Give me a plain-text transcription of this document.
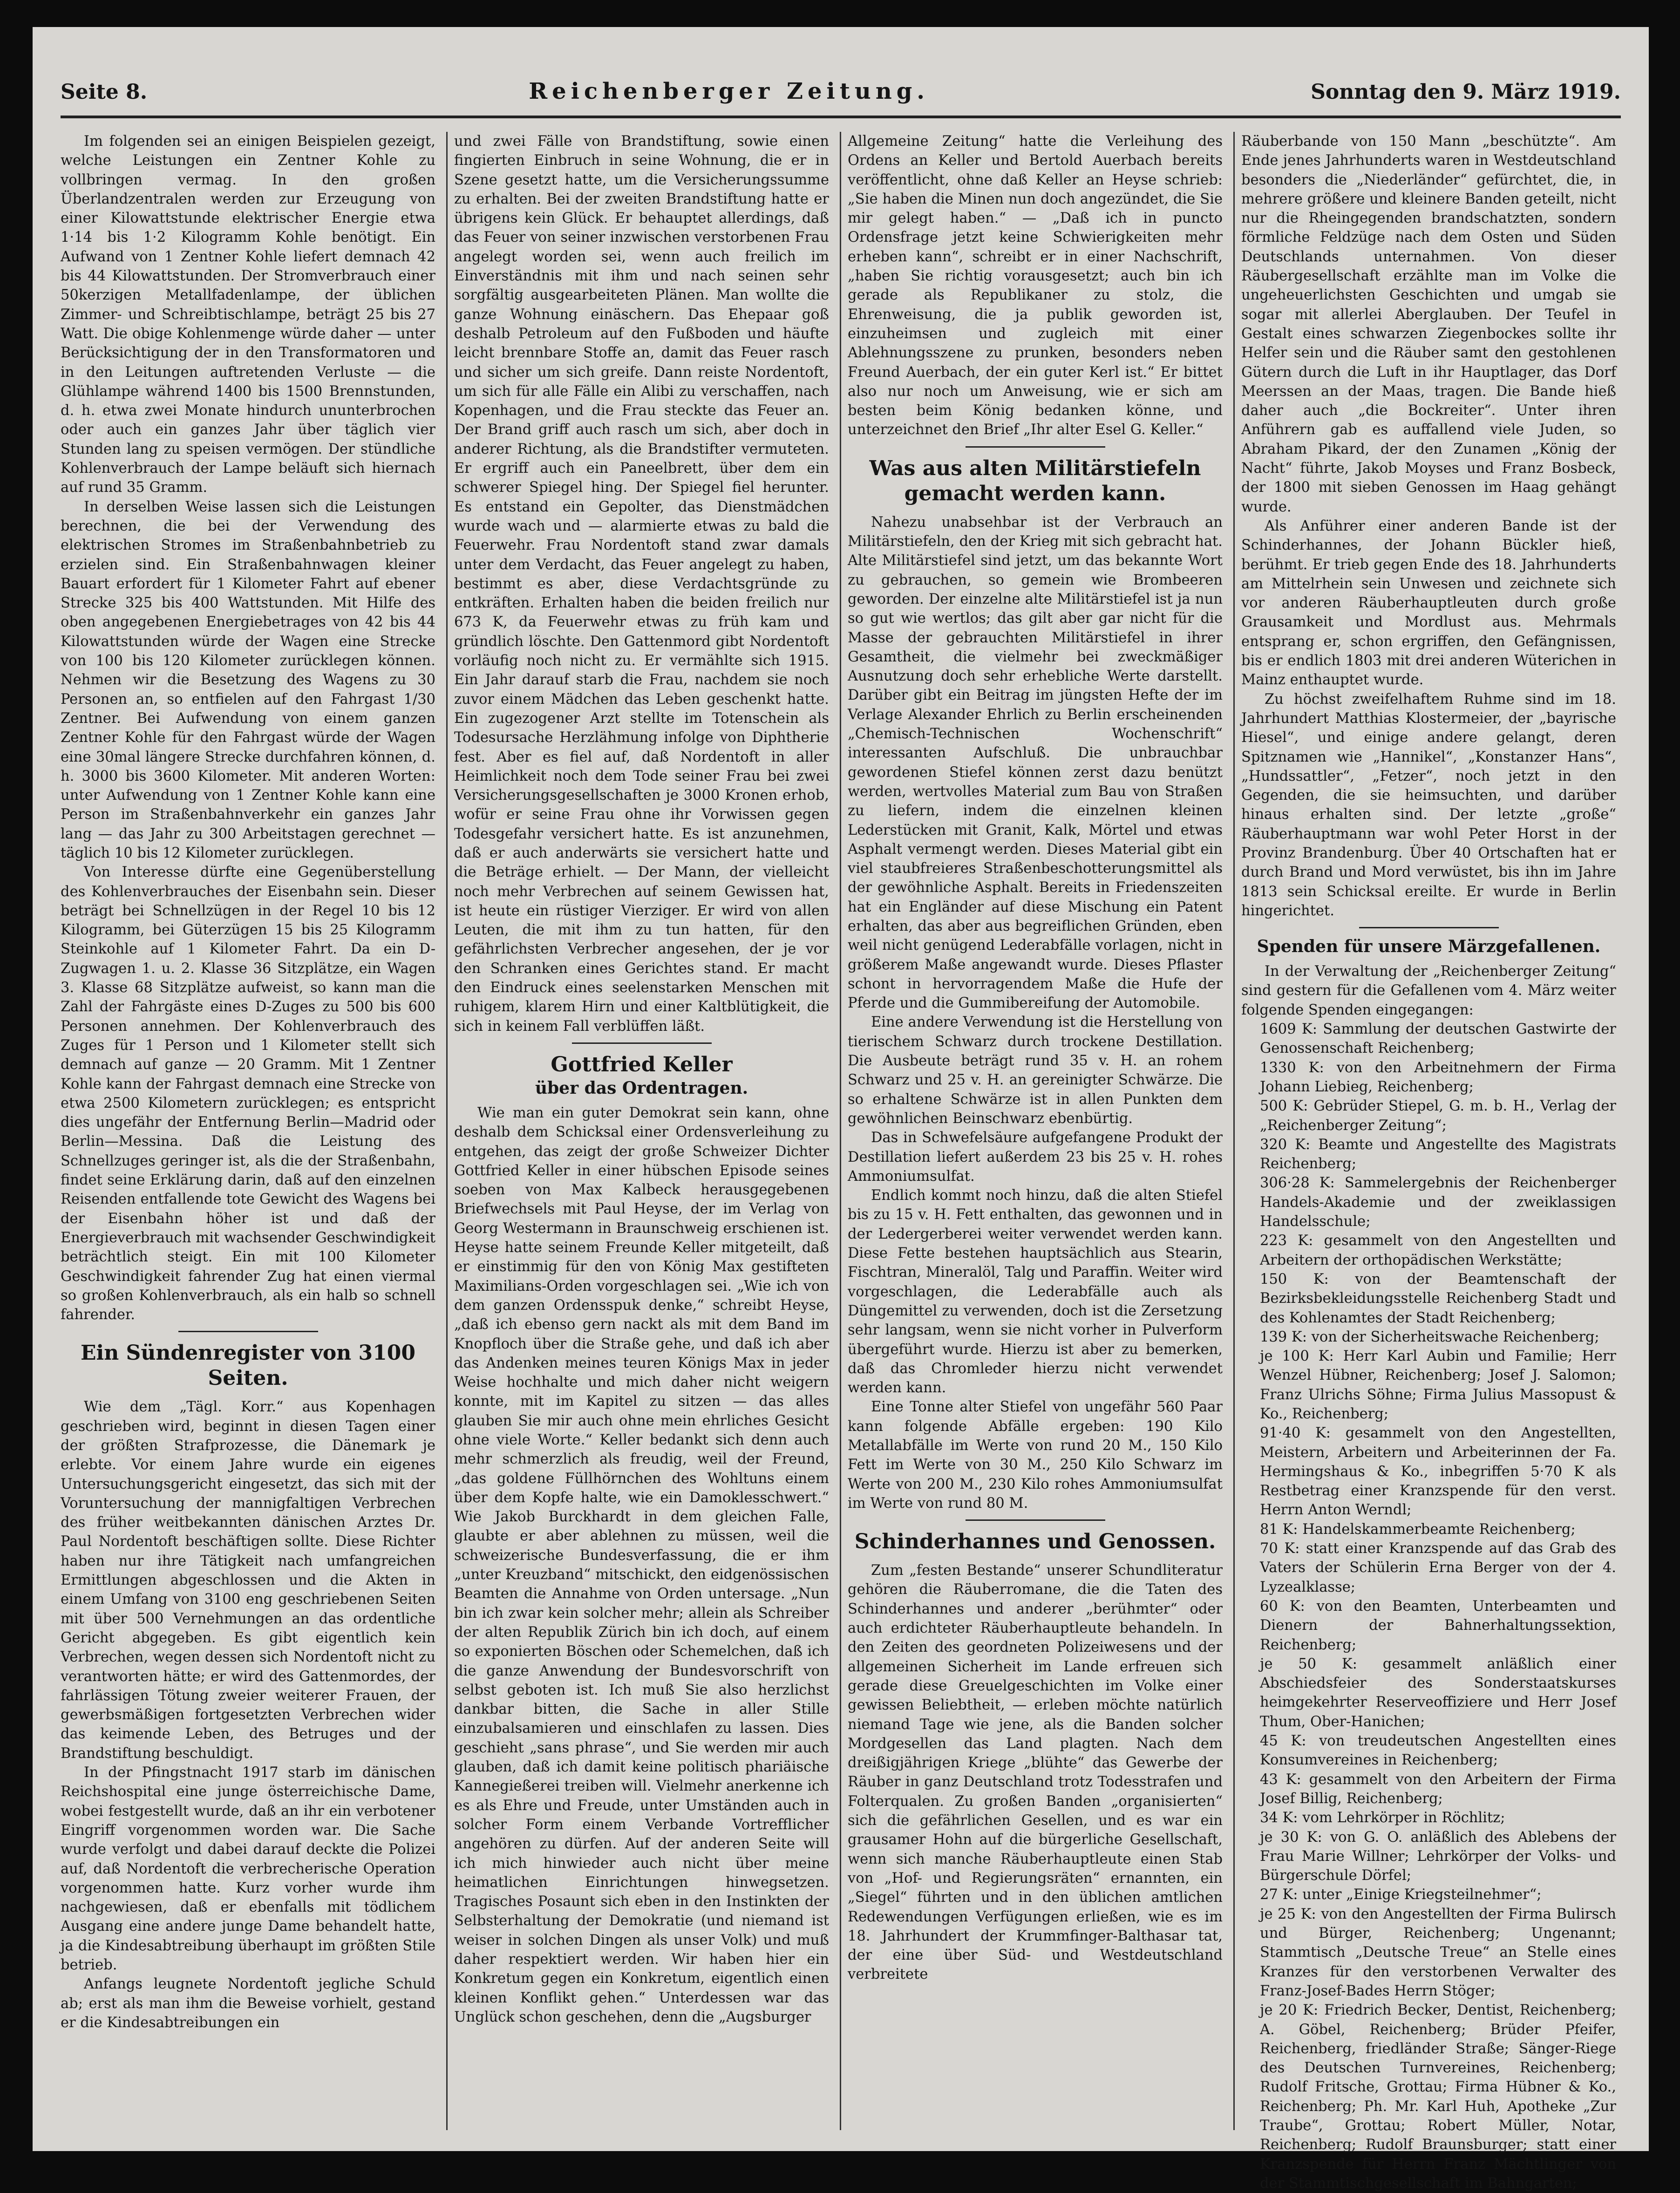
Seite 8.	Reichenberger Zeitung.	Sonntag den 9. März 1919.

Im folgenden sei an einigen Beispielen gezeigt, welche Leistungen ein Zentner Kohle zu vollbringen vermag. In den großen Überlandzentralen werden zur Erzeugung von einer Kilowattstunde elektrischer Energie etwa 1·14 bis 1·2 Kilogramm Kohle benötigt. Ein Aufwand von 1 Zentner Kohle liefert demnach 42 bis 44 Kilowattstunden. Der Stromverbrauch einer 50kerzigen Metallfadenlampe, der üblichen Zimmer- und Schreibtischlampe, beträgt 25 bis 27 Watt. Die obige Kohlenmenge würde daher — unter Berücksichtigung der in den Transformatoren und in den Leitungen auftretenden Verluste — die Glühlampe während 1400 bis 1500 Brennstunden, d. h. etwa zwei Monate hindurch ununterbrochen oder auch ein ganzes Jahr über täglich vier Stunden lang zu speisen vermögen. Der stündliche Kohlenverbrauch der Lampe beläuft sich hiernach auf rund 35 Gramm.

In derselben Weise lassen sich die Leistungen berechnen, die bei der Verwendung des elektrischen Stromes im Straßenbahnbetrieb zu erzielen sind. Ein Straßenbahnwagen kleiner Bauart erfordert für 1 Kilometer Fahrt auf ebener Strecke 325 bis 400 Wattstunden. Mit Hilfe des oben angegebenen Energiebetrages von 42 bis 44 Kilowattstunden würde der Wagen eine Strecke von 100 bis 120 Kilometer zurücklegen können. Nehmen wir die Besetzung des Wagens zu 30 Personen an, so entfielen auf den Fahrgast 1/30 Zentner. Bei Aufwendung von einem ganzen Zentner Kohle für den Fahrgast würde der Wagen eine 30mal längere Strecke durchfahren können, d. h. 3000 bis 3600 Kilometer. Mit anderen Worten: unter Aufwendung von 1 Zentner Kohle kann eine Person im Straßenbahnverkehr ein ganzes Jahr lang — das Jahr zu 300 Arbeitstagen gerechnet — täglich 10 bis 12 Kilometer zurücklegen.

Von Interesse dürfte eine Gegenüberstellung des Kohlenverbrauches der Eisenbahn sein. Dieser beträgt bei Schnellzügen in der Regel 10 bis 12 Kilogramm, bei Güterzügen 15 bis 25 Kilogramm Steinkohle auf 1 Kilometer Fahrt. Da ein D-Zugwagen 1. u. 2. Klasse 36 Sitzplätze, ein Wagen 3. Klasse 68 Sitzplätze aufweist, so kann man die Zahl der Fahrgäste eines D-Zuges zu 500 bis 600 Personen annehmen. Der Kohlenverbrauch des Zuges für 1 Person und 1 Kilometer stellt sich demnach auf ganze — 20 Gramm. Mit 1 Zentner Kohle kann der Fahrgast demnach eine Strecke von etwa 2500 Kilometern zurücklegen; es entspricht dies ungefähr der Entfernung Berlin—Madrid oder Berlin—Messina. Daß die Leistung des Schnellzuges geringer ist, als die der Straßenbahn, findet seine Erklärung darin, daß auf den einzelnen Reisenden entfallende tote Gewicht des Wagens bei der Eisenbahn höher ist und daß der Energieverbrauch mit wachsender Geschwindigkeit beträchtlich steigt. Ein mit 100 Kilometer Geschwindigkeit fahrender Zug hat einen viermal so großen Kohlenverbrauch, als ein halb so schnell fahrender.

Ein Sündenregister von 3100 Seiten.

Wie dem „Tägl. Korr.“ aus Kopenhagen geschrieben wird, beginnt in diesen Tagen einer der größten Strafprozesse, die Dänemark je erlebte. Vor einem Jahre wurde ein eigenes Untersuchungsgericht eingesetzt, das sich mit der Voruntersuchung der mannigfaltigen Verbrechen des früher weitbekannten dänischen Arztes Dr. Paul Nordentoft beschäftigen sollte. Diese Richter haben nur ihre Tätigkeit nach umfangreichen Ermittlungen abgeschlossen und die Akten in einem Umfang von 3100 eng geschriebenen Seiten mit über 500 Vernehmungen an das ordentliche Gericht abgegeben. Es gibt eigentlich kein Verbrechen, wegen dessen sich Nordentoft nicht zu verantworten hätte; er wird des Gattenmordes, der fahrlässigen Tötung zweier weiterer Frauen, der gewerbsmäßigen fortgesetzten Verbrechen wider das keimende Leben, des Betruges und der Brandstiftung beschuldigt.

In der Pfingstnacht 1917 starb im dänischen Reichshospital eine junge österreichische Dame, wobei festgestellt wurde, daß an ihr ein verbotener Eingriff vorgenommen worden war. Die Sache wurde verfolgt und dabei darauf deckte die Polizei auf, daß Nordentoft die verbrecherische Operation vorgenommen hatte. Kurz vorher wurde ihm nachgewiesen, daß er ebenfalls mit tödlichem Ausgang eine andere junge Dame behandelt hatte, ja die Kindesabtreibung überhaupt im größten Stile betrieb.

Anfangs leugnete Nordentoft jegliche Schuld ab; erst als man ihm die Beweise vorhielt, gestand er die Kindesabtreibungen ein

und zwei Fälle von Brandstiftung, sowie einen fingierten Einbruch in seine Wohnung, die er in Szene gesetzt hatte, um die Versicherungssumme zu erhalten. Bei der zweiten Brandstiftung hatte er übrigens kein Glück. Er behauptet allerdings, daß das Feuer von seiner inzwischen verstorbenen Frau angelegt worden sei, wenn auch freilich im Einverständnis mit ihm und nach seinen sehr sorgfältig ausgearbeiteten Plänen. Man wollte die ganze Wohnung einäschern. Das Ehepaar goß deshalb Petroleum auf den Fußboden und häufte leicht brennbare Stoffe an, damit das Feuer rasch und sicher um sich greife. Dann reiste Nordentoft, um sich für alle Fälle ein Alibi zu verschaffen, nach Kopenhagen, und die Frau steckte das Feuer an. Der Brand griff auch rasch um sich, aber doch in anderer Richtung, als die Brandstifter vermuteten. Er ergriff auch ein Paneelbrett, über dem ein schwerer Spiegel hing. Der Spiegel fiel herunter. Es entstand ein Gepolter, das Dienstmädchen wurde wach und — alarmierte etwas zu bald die Feuerwehr. Frau Nordentoft stand zwar damals unter dem Verdacht, das Feuer angelegt zu haben, bestimmt es aber, diese Verdachtsgründe zu entkräften. Erhalten haben die beiden freilich nur 673 K, da Feuerwehr etwas zu früh kam und gründlich löschte. Den Gattenmord gibt Nordentoft vorläufig noch nicht zu. Er vermählte sich 1915. Ein Jahr darauf starb die Frau, nachdem sie noch zuvor einem Mädchen das Leben geschenkt hatte. Ein zugezogener Arzt stellte im Totenschein als Todesursache Herzlähmung infolge von Diphtherie fest. Aber es fiel auf, daß Nordentoft in aller Heimlichkeit noch dem Tode seiner Frau bei zwei Versicherungsgesellschaften je 3000 Kronen erhob, wofür er seine Frau ohne ihr Vorwissen gegen Todesgefahr versichert hatte. Es ist anzunehmen, daß er auch anderwärts sie versichert hatte und die Beträge erhielt. — Der Mann, der vielleicht noch mehr Verbrechen auf seinem Gewissen hat, ist heute ein rüstiger Vierziger. Er wird von allen Leuten, die mit ihm zu tun hatten, für den gefährlichsten Verbrecher angesehen, der je vor den Schranken eines Gerichtes stand. Er macht den Eindruck eines seelenstarken Menschen mit ruhigem, klarem Hirn und einer Kaltblütigkeit, die sich in keinem Fall verblüffen läßt.

Gottfried Keller
über das Ordentragen.

Wie man ein guter Demokrat sein kann, ohne deshalb dem Schicksal einer Ordensverleihung zu entgehen, das zeigt der große Schweizer Dichter Gottfried Keller in einer hübschen Episode seines soeben von Max Kalbeck herausgegebenen Briefwechsels mit Paul Heyse, der im Verlag von Georg Westermann in Braunschweig erschienen ist. Heyse hatte seinem Freunde Keller mitgeteilt, daß er einstimmig für den von König Max gestifteten Maximilians-Orden vorgeschlagen sei. „Wie ich von dem ganzen Ordensspuk denke,“ schreibt Heyse, „daß ich ebenso gern nackt als mit dem Band im Knopfloch über die Straße gehe, und daß ich aber das Andenken meines teuren Königs Max in jeder Weise hochhalte und mich daher nicht weigern konnte, mit im Kapitel zu sitzen — das alles glauben Sie mir auch ohne mein ehrliches Gesicht ohne viele Worte.“ Keller bedankt sich denn auch mehr schmerzlich als freudig, weil der Freund, „das goldene Füllhörnchen des Wohltuns einem über dem Kopfe halte, wie ein Damoklesschwert.“ Wie Jakob Burckhardt in dem gleichen Falle, glaubte er aber ablehnen zu müssen, weil die schweizerische Bundesverfassung, die er ihm „unter Kreuzband“ mitschickt, den eidgenössischen Beamten die Annahme von Orden untersage. „Nun bin ich zwar kein solcher mehr; allein als Schreiber der alten Republik Zürich bin ich doch, auf einem so exponierten Böschen oder Schemelchen, daß ich die ganze Anwendung der Bundesvorschrift von selbst geboten ist. Ich muß Sie also herzlichst dankbar bitten, die Sache in aller Stille einzubalsamieren und einschlafen zu lassen. Dies geschieht „sans phrase“, und Sie werden mir auch glauben, daß ich damit keine politisch phariäische Kannegießerei treiben will. Vielmehr anerkenne ich es als Ehre und Freude, unter Umständen auch in solcher Form einem Verbande Vortrefflicher angehören zu dürfen. Auf der anderen Seite will ich mich hinwieder auch nicht über meine heimatlichen Einrichtungen hinwegsetzen. Tragisches Posaunt sich eben in den Instinkten der Selbsterhaltung der Demokratie (und niemand ist weiser in solchen Dingen als unser Volk) und muß daher respektiert werden. Wir haben hier ein Konkretum gegen ein Konkretum, eigentlich einen kleinen Konflikt gehen.“ Unterdessen war das Unglück schon geschehen, denn die „Augsburger

Allgemeine Zeitung“ hatte die Verleihung des Ordens an Keller und Bertold Auerbach bereits veröffentlicht, ohne daß Keller an Heyse schrieb: „Sie haben die Minen nun doch angezündet, die Sie mir gelegt haben.“ — „Daß ich in puncto Ordensfrage jetzt keine Schwierigkeiten mehr erheben kann“, schreibt er in einer Nachschrift, „haben Sie richtig vorausgesetzt; auch bin ich gerade als Republikaner zu stolz, die Ehrenweisung, die ja publik geworden ist, einzuheimsen und zugleich mit einer Ablehnungsszene zu prunken, besonders neben Freund Auerbach, der ein guter Kerl ist.“ Er bittet also nur noch um Anweisung, wie er sich am besten beim König bedanken könne, und unterzeichnet den Brief „Ihr alter Esel G. Keller.“

Was aus alten Militärstiefeln gemacht werden kann.

Nahezu unabsehbar ist der Verbrauch an Militärstiefeln, den der Krieg mit sich gebracht hat. Alte Militärstiefel sind jetzt, um das bekannte Wort zu gebrauchen, so gemein wie Brombeeren geworden. Der einzelne alte Militärstiefel ist ja nun so gut wie wertlos; das gilt aber gar nicht für die Masse der gebrauchten Militärstiefel in ihrer Gesamtheit, die vielmehr bei zweckmäßiger Ausnutzung doch sehr erhebliche Werte darstellt. Darüber gibt ein Beitrag im jüngsten Hefte der im Verlage Alexander Ehrlich zu Berlin erscheinenden „Chemisch-Technischen Wochenschrift“ interessanten Aufschluß. Die unbrauchbar gewordenen Stiefel können zerst dazu benützt werden, wertvolles Material zum Bau von Straßen zu liefern, indem die einzelnen kleinen Lederstücken mit Granit, Kalk, Mörtel und etwas Asphalt vermengt werden. Dieses Material gibt ein viel staubfreieres Straßenbeschotterungsmittel als der gewöhnliche Asphalt. Bereits in Friedenszeiten hat ein Engländer auf diese Mischung ein Patent erhalten, das aber aus begreiflichen Gründen, eben weil nicht genügend Lederabfälle vorlagen, nicht in größerem Maße angewandt wurde. Dieses Pflaster schont in hervorragendem Maße die Hufe der Pferde und die Gummibereifung der Automobile.

Eine andere Verwendung ist die Herstellung von tierischem Schwarz durch trockene Destillation. Die Ausbeute beträgt rund 35 v. H. an rohem Schwarz und 25 v. H. an gereinigter Schwärze. Die so erhaltene Schwärze ist in allen Punkten dem gewöhnlichen Beinschwarz ebenbürtig.

Das in Schwefelsäure aufgefangene Produkt der Destillation liefert außerdem 23 bis 25 v. H. rohes Ammoniumsulfat.

Endlich kommt noch hinzu, daß die alten Stiefel bis zu 15 v. H. Fett enthalten, das gewonnen und in der Ledergerberei weiter verwendet werden kann. Diese Fette bestehen hauptsächlich aus Stearin, Fischtran, Mineralöl, Talg und Paraffin. Weiter wird vorgeschlagen, die Lederabfälle auch als Düngemittel zu verwenden, doch ist die Zersetzung sehr langsam, wenn sie nicht vorher in Pulverform übergeführt wurde. Hierzu ist aber zu bemerken, daß das Chromleder hierzu nicht verwendet werden kann.

Eine Tonne alter Stiefel von ungefähr 560 Paar kann folgende Abfälle ergeben: 190 Kilo Metallabfälle im Werte von rund 20 M., 150 Kilo Fett im Werte von 30 M., 250 Kilo Schwarz im Werte von 200 M., 230 Kilo rohes Ammoniumsulfat im Werte von rund 80 M.

Schinderhannes und Genossen.

Zum „festen Bestande“ unserer Schundliteratur gehören die Räuberromane, die die Taten des Schinderhannes und anderer „berühmter“ oder auch erdichteter Räuberhauptleute behandeln. In den Zeiten des geordneten Polizeiwesens und der allgemeinen Sicherheit im Lande erfreuen sich gerade diese Greuelgeschichten im Volke einer gewissen Beliebtheit, — erleben möchte natürlich niemand Tage wie jene, als die Banden solcher Mordgesellen das Land plagten. Nach dem dreißigjährigen Kriege „blühte“ das Gewerbe der Räuber in ganz Deutschland trotz Todesstrafen und Folterqualen. Zu großen Banden „organisierten“ sich die gefährlichen Gesellen, und es war ein grausamer Hohn auf die bürgerliche Gesellschaft, wenn sich manche Räuberhauptleute einen Stab von „Hof- und Regierungsräten“ ernannten, ein „Siegel“ führten und in den üblichen amtlichen Redewendungen Verfügungen erließen, wie es im 18. Jahrhundert der Krummfinger-Balthasar tat, der eine über Süd- und Westdeutschland verbreitete

Räuberbande von 150 Mann „beschützte“. Am Ende jenes Jahrhunderts waren in Westdeutschland besonders die „Niederländer“ gefürchtet, die, in mehrere größere und kleinere Banden geteilt, nicht nur die Rheingegenden brandschatzten, sondern förmliche Feldzüge nach dem Osten und Süden Deutschlands unternahmen. Von dieser Räubergesellschaft erzählte man im Volke die ungeheuerlichsten Geschichten und umgab sie sogar mit allerlei Aberglauben. Der Teufel in Gestalt eines schwarzen Ziegenbockes sollte ihr Helfer sein und die Räuber samt den gestohlenen Gütern durch die Luft in ihr Hauptlager, das Dorf Meerssen an der Maas, tragen. Die Bande hieß daher auch „die Bockreiter“. Unter ihren Anführern gab es auffallend viele Juden, so Abraham Pikard, der den Zunamen „König der Nacht“ führte, Jakob Moyses und Franz Bosbeck, der 1800 mit sieben Genossen im Haag gehängt wurde.

Als Anführer einer anderen Bande ist der Schinderhannes, der Johann Bückler hieß, berühmt. Er trieb gegen Ende des 18. Jahrhunderts am Mittelrhein sein Unwesen und zeichnete sich vor anderen Räuberhauptleuten durch große Grausamkeit und Mordlust aus. Mehrmals entsprang er, schon ergriffen, den Gefängnissen, bis er endlich 1803 mit drei anderen Wüterichen in Mainz enthauptet wurde.

Zu höchst zweifelhaftem Ruhme sind im 18. Jahrhundert Matthias Klostermeier, der „bayrische Hiesel“, und einige andere gelangt, deren Spitznamen wie „Hannikel“, „Konstanzer Hans“, „Hundssattler“, „Fetzer“, noch jetzt in den Gegenden, die sie heimsuchten, und darüber hinaus erhalten sind. Der letzte „große“ Räuberhauptmann war wohl Peter Horst in der Provinz Brandenburg. Über 40 Ortschaften hat er durch Brand und Mord verwüstet, bis ihn im Jahre 1813 sein Schicksal ereilte. Er wurde in Berlin hingerichtet.

Spenden für unsere Märzgefallenen.

In der Verwaltung der „Reichenberger Zeitung“ sind gestern für die Gefallenen vom 4. März weiter folgende Spenden eingegangen:

1609 K: Sammlung der deutschen Gastwirte der Genossenschaft Reichenberg;

1330 K: von den Arbeitnehmern der Firma Johann Liebieg, Reichenberg;

500 K: Gebrüder Stiepel, G. m. b. H., Verlag der „Reichenberger Zeitung“;

320 K: Beamte und Angestellte des Magistrats Reichenberg;

306·28 K: Sammelergebnis der Reichenberger Handels-Akademie und der zweiklassigen Handelsschule;

223 K: gesammelt von den Angestellten und Arbeitern der orthopädischen Werkstätte;

150 K: von der Beamtenschaft der Bezirksbekleidungsstelle Reichenberg Stadt und des Kohlenamtes der Stadt Reichenberg;

139 K: von der Sicherheitswache Reichenberg;

je 100 K: Herr Karl Aubin und Familie; Herr Wenzel Hübner, Reichenberg; Josef J. Salomon; Franz Ulrichs Söhne; Firma Julius Massopust & Ko., Reichenberg;

91·40 K: gesammelt von den Angestellten, Meistern, Arbeitern und Arbeiterinnen der Fa. Hermingshaus & Ko., inbegriffen 5·70 K als Restbetrag einer Kranzspende für den verst. Herrn Anton Werndl;

81 K: Handelskammerbeamte Reichenberg;

70 K: statt einer Kranzspende auf das Grab des Vaters der Schülerin Erna Berger von der 4. Lyzealklasse;

60 K: von den Beamten, Unterbeamten und Dienern der Bahnerhaltungssektion, Reichenberg;

je 50 K: gesammelt anläßlich einer Abschiedsfeier des Sonderstaatskurses heimgekehrter Reserveoffiziere und Herr Josef Thum, Ober-Hanichen;

45 K: von treudeutschen Angestellten eines Konsumvereines in Reichenberg;

43 K: gesammelt von den Arbeitern der Firma Josef Billig, Reichenberg;

34 K: vom Lehrkörper in Röchlitz;

je 30 K: von G. O. anläßlich des Ablebens der Frau Marie Willner; Lehrkörper der Volks- und Bürgerschule Dörfel;

27 K: unter „Einige Kriegsteilnehmer“;

je 25 K: von den Angestellten der Firma Bulirsch und Bürger, Reichenberg; Ungenannt; Stammtisch „Deutsche Treue“ an Stelle eines Kranzes für den verstorbenen Verwalter des Franz-Josef-Bades Herrn Stöger;

je 20 K: Friedrich Becker, Dentist, Reichenberg; A. Göbel, Reichenberg; Brüder Pfeifer, Reichenberg, friedländer Straße; Sänger-Riege des Deutschen Turnvereines, Reichenberg; Rudolf Fritsche, Grottau; Firma Hübner & Ko., Reichenberg; Ph. Mr. Karl Huh, Apotheke „Zur Traube“, Grottau; Robert Müller, Notar, Reichenberg; Rudolf Braunsburger; statt einer Kranzspende für Herrn Franz Mächtlinger von der Stammtischgesellschaft im Bahngarten;
